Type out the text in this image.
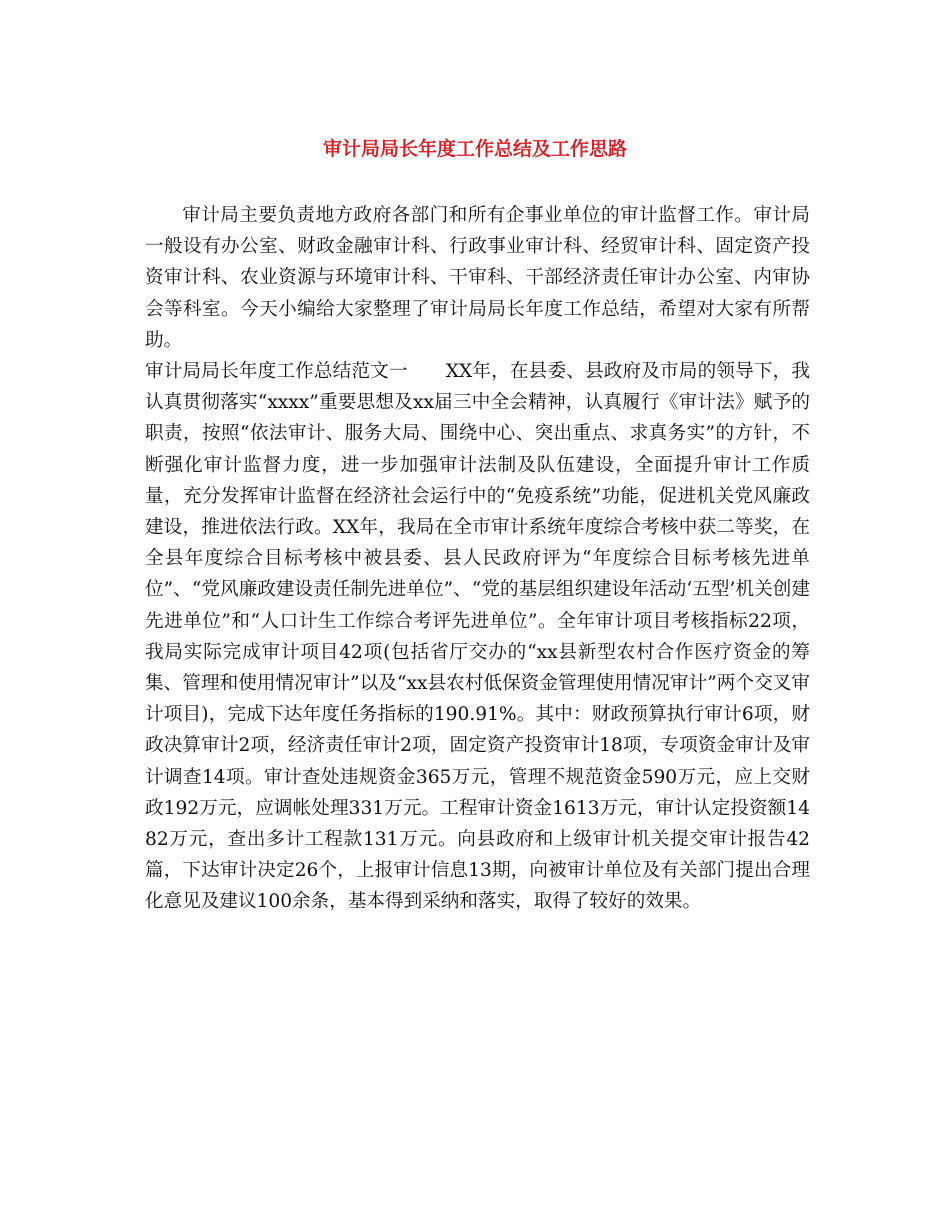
审计局局长年度工作总结及工作思路

审计局主要负责地方政府各部门和所有企事业单位的审计监督工作。审计局一般设有办公室、财政金融审计科、行政事业审计科、经贸审计科、固定资产投资审计科、农业资源与环境审计科、干审科、干部经济责任审计办公室、内审协会等科室。今天小编给大家整理了审计局局长年度工作总结，希望对大家有所帮助。

审计局局长年度工作总结范文一 XX年，在县委、县政府及市局的领导下，我认真贯彻落实“xxxx”重要思想及xx届三中全会精神，认真履行《审计法》赋予的职责，按照“依法审计、服务大局、围绕中心、突出重点、求真务实”的方针，不断强化审计监督力度，进一步加强审计法制及队伍建设，全面提升审计工作质量，充分发挥审计监督在经济社会运行中的“免疫系统”功能，促进机关党风廉政建设，推进依法行政。XX年，我局在全市审计系统年度综合考核中获二等奖，在全县年度综合目标考核中被县委、县人民政府评为“年度综合目标考核先进单位”、“党风廉政建设责任制先进单位”、“党的基层组织建设年活动‘五型’机关创建先进单位”和“人口计生工作综合考评先进单位”。全年审计项目考核指标22项，我局实际完成审计项目42项(包括省厅交办的“xx县新型农村合作医疗资金的筹集、管理和使用情况审计”以及“xx县农村低保资金管理使用情况审计”两个交叉审计项目)，完成下达年度任务指标的190.91%。其中：财政预算执行审计6项，财政决算审计2项，经济责任审计2项，固定资产投资审计18项，专项资金审计及审计调查14项。审计查处违规资金365万元，管理不规范资金590万元，应上交财政192万元，应调帐处理331万元。工程审计资金1613万元，审计认定投资额1482万元，查出多计工程款131万元。向县政府和上级审计机关提交审计报告42篇，下达审计决定26个，上报审计信息13期，向被审计单位及有关部门提出合理化意见及建议100余条，基本得到采纳和落实，取得了较好的效果。
